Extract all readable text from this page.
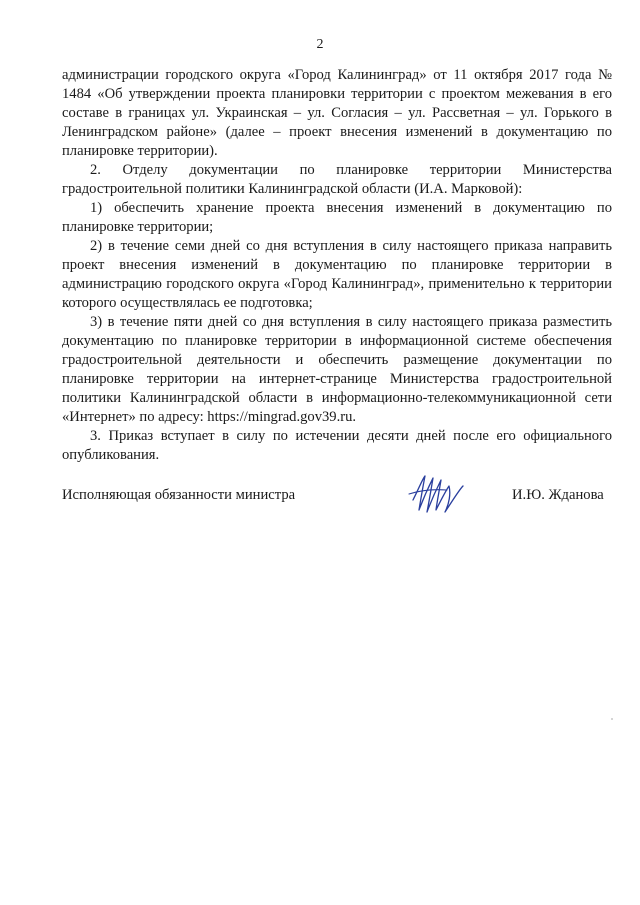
2

администрации городского округа «Город Калининград» от 11 октября 2017 года № 1484 «Об утверждении проекта планировки территории с проектом межевания в его составе в границах ул. Украинская – ул. Согласия – ул. Рассветная – ул. Горького в Ленинградском районе» (далее – проект внесения изменений в документацию по планировке территории).

2. Отделу документации по планировке территории Министерства градостроительной политики Калининградской области (И.А. Марковой):

1) обеспечить хранение проекта внесения изменений в документацию по планировке территории;

2) в течение семи дней со дня вступления в силу настоящего приказа направить проект внесения изменений в документацию по планировке территории в администрацию городского округа «Город Калининград», применительно к территории которого осуществлялась ее подготовка;

3) в течение пяти дней со дня вступления в силу настоящего приказа разместить документацию по планировке территории в информационной системе обеспечения градостроительной деятельности и обеспечить размещение документации по планировке территории на интернет-странице Министерства градостроительной политики Калининградской области в информационно-телекоммуникационной сети «Интернет» по адресу: https://mingrad.gov39.ru.

3. Приказ вступает в силу по истечении десяти дней после его официального опубликования.

Исполняющая обязанности министра	И.Ю. Жданова
